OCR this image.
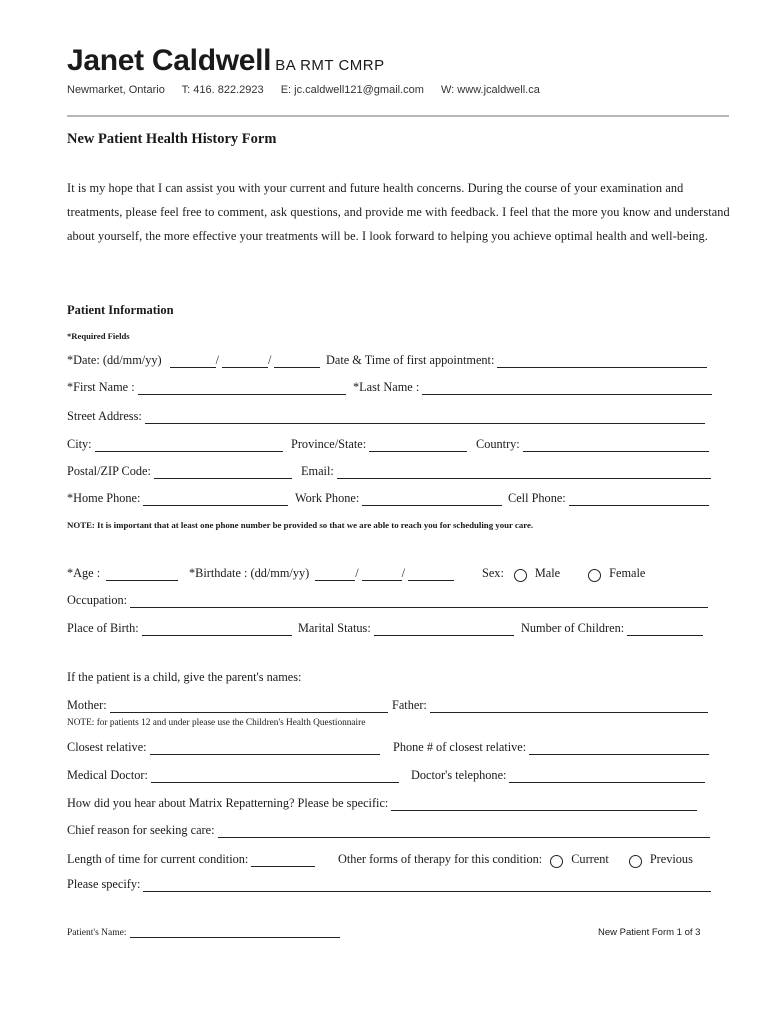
Janet Caldwell BA RMT CMRP
Newmarket, Ontario T: 416. 822.2923 E: jc.caldwell121@gmail.com W: www.jcaldwell.ca
New Patient Health History Form
It is my hope that I can assist you with your current and future health concerns. During the course of your examination and treatments, please feel free to comment, ask questions, and provide me with feedback. I feel that the more you know and understand about yourself, the more effective your treatments will be. I look forward to helping you achieve optimal health and well-being.
Patient Information
*Required Fields
*Date: (dd/mm/yy)	/	/	Date & Time of first appointment:
*First Name :	*Last Name :
Street Address:
City:	Province/State:	Country:
Postal/ZIP Code:	Email:
*Home Phone:	Work Phone:	Cell Phone:
NOTE: It is important that at least one phone number be provided so that we are able to reach you for scheduling your care.
*Age :	*Birthdate : (dd/mm/yy)	/	/	Sex:	Male	Female
Occupation:
Place of Birth:	Marital Status:	Number of Children:
If the patient is a child, give the parent's names:
Mother:	Father:
NOTE: for patients 12 and under please use the Children's Health Questionnaire
Closest relative:	Phone # of closest relative:
Medical Doctor:	Doctor's telephone:
How did you hear about Matrix Repatterning? Please be specific:
Chief reason for seeking care:
Length of time for current condition:	Other forms of therapy for this condition: Current	Previous
Please specify:
Patient's Name:	New Patient Form 1 of 3
